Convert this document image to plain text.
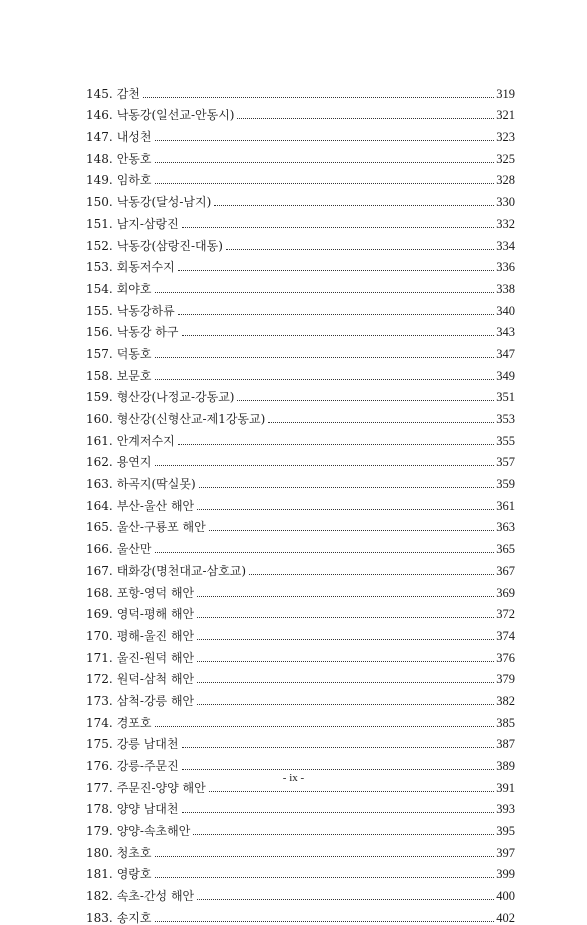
145. 감천	319
146. 낙동강(일선교-안동시)	321
147. 내성천	323
148. 안동호	325
149. 임하호	328
150. 낙동강(달성-남지)	330
151. 남지-삼랑진	332
152. 낙동강(삼랑진-대동)	334
153. 회동저수지	336
154. 회야호	338
155. 낙동강하류	340
156. 낙동강 하구	343
157. 덕동호	347
158. 보문호	349
159. 형산강(나정교-강동교)	351
160. 형산강(신형산교-제1강동교)	353
161. 안계저수지	355
162. 용연지	357
163. 하곡지(딱실못)	359
164. 부산-울산 해안	361
165. 울산-구룡포 해안	363
166. 울산만	365
167. 태화강(명천대교-삼호교)	367
168. 포항-영덕 해안	369
169. 영덕-평해 해안	372
170. 평해-울진 해안	374
171. 울진-원덕 해안	376
172. 원덕-삼척 해안	379
173. 삼척-강릉 해안	382
174. 경포호	385
175. 강릉 남대천	387
176. 강릉-주문진	389
177. 주문진-양양 해안	391
178. 양양 남대천	393
179. 양양-속초해안	395
180. 청초호	397
181. 영랑호	399
182. 속초-간성 해안	400
183. 송지호	402
- ix -
